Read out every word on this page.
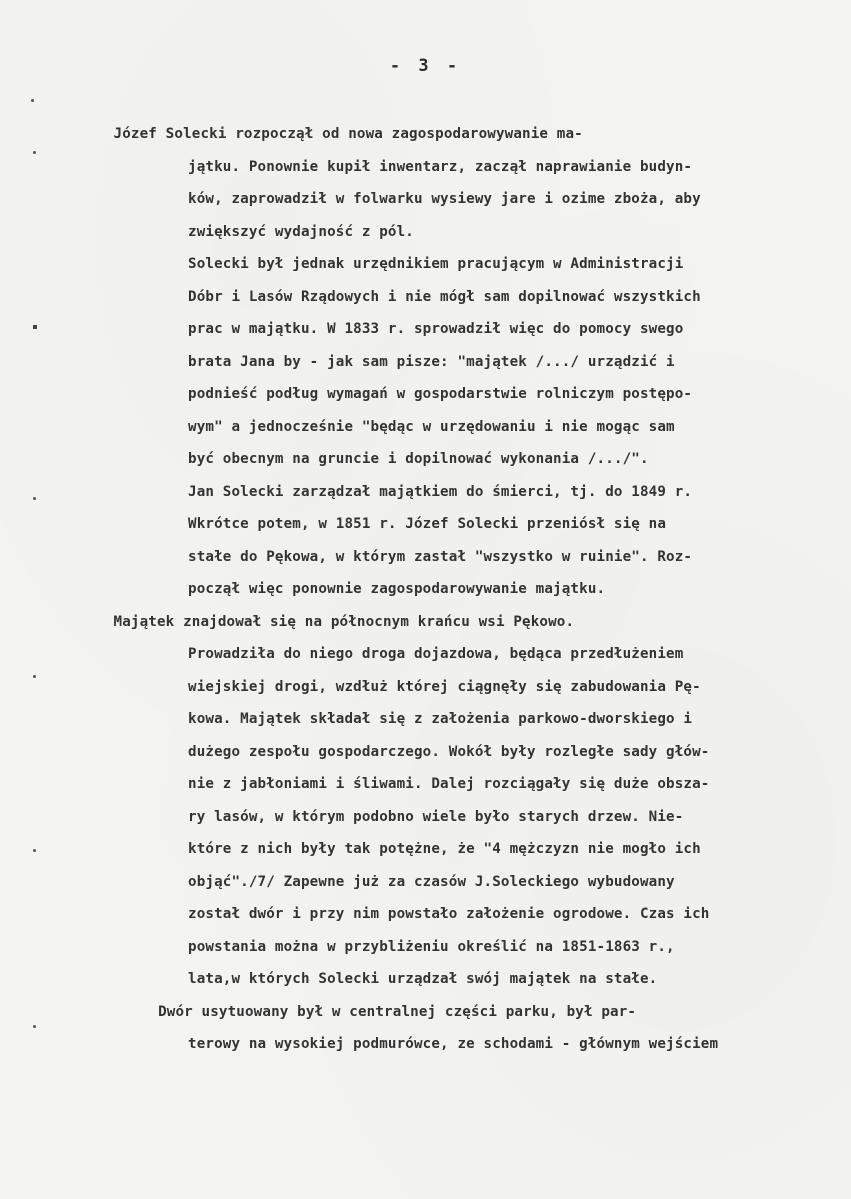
- 3 -
Józef Solecki rozpoczął od nowa zagospodarowywanie ma-
jątku. Ponownie kupił inwentarz, zaczął naprawianie budyn-
ków, zaprowadził w folwarku wysiewy jare i ozime zboża, aby
zwiększyć wydajność z pól.
Solecki był jednak urzędnikiem pracującym w Administracji
Dóbr i Lasów Rządowych i nie mógł sam dopilnować wszystkich
prac w majątku. W 1833 r. sprowadził więc do pomocy swego
brata Jana by - jak sam pisze: "majątek /.../ urządzić i
podnieść podług wymagań w gospodarstwie rolniczym postępo-
wym" a jednocześnie "będąc w urzędowaniu i nie mogąc sam
być obecnym na gruncie i dopilnować wykonania /.../".
Jan Solecki zarządzał majątkiem do śmierci, tj. do 1849 r.
Wkrótce potem, w 1851 r. Józef Solecki przeniósł się na
stałe do Pękowa, w którym zastał "wszystko w ruinie". Roz-
począł więc ponownie zagospodarowywanie majątku.
Majątek znajdował się na północnym krańcu wsi Pękowo.
Prowadziła do niego droga dojazdowa, będąca przedłużeniem
wiejskiej drogi, wzdłuż której ciągnęły się zabudowania Pę-
kowa. Majątek składał się z założenia parkowo-dworskiego i
dużego zespołu gospodarczego. Wokół były rozległe sady głów-
nie z jabłoniami i śliwami. Dalej rozciągały się duże obsza-
ry lasów, w którym podobno wiele było starych drzew. Nie-
które z nich były tak potężne, że "4 mężczyzn nie mogło ich
objąć"./7/ Zapewne już za czasów J.Soleckiego wybudowany
został dwór i przy nim powstało założenie ogrodowe. Czas ich
powstania można w przybliżeniu określić na 1851-1863 r.,
lata,w których Solecki urządzał swój majątek na stałe.
Dwór usytuowany był w centralnej części parku, był par-
terowy na wysokiej podmurówce, ze schodami - głównym wejściem
